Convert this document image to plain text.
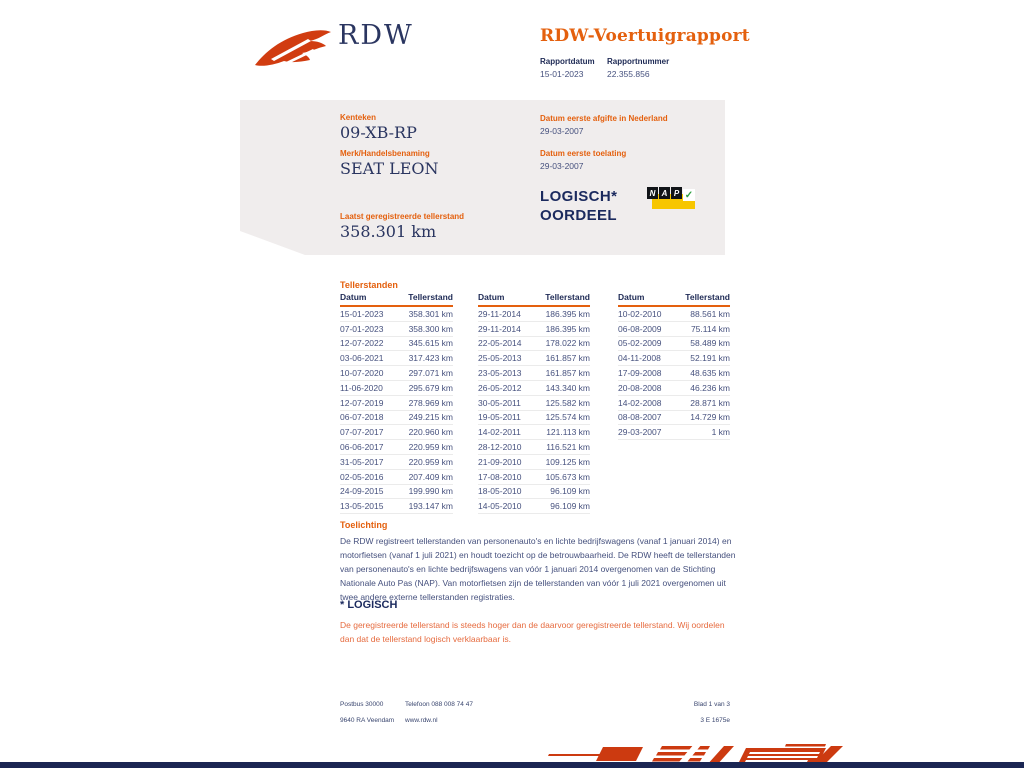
RDW	RDW-Voertuigrapport
Rapportdatum Rapportnummer
15-01-2023	22.355.856
Kenteken
09-XB-RP
Merk/Handelsbenaming
SEAT LEON
Laatst geregistreerde tellerstand
358.301 km
Datum eerste afgifte in Nederland
29-03-2007
Datum eerste toelating
29-03-2007
LOGISCH*
OORDEEL
N A P ✓
Tellerstanden
Datum	Tellerstand
15-01-2023	358.301 km
07-01-2023	358.300 km
12-07-2022	345.615 km
03-06-2021	317.423 km
10-07-2020	297.071 km
11-06-2020	295.679 km
12-07-2019	278.969 km
06-07-2018	249.215 km
07-07-2017	220.960 km
06-06-2017	220.959 km
31-05-2017	220.959 km
02-05-2016	207.409 km
24-09-2015	199.990 km
13-05-2015	193.147 km
Datum	Tellerstand
29-11-2014	186.395 km
29-11-2014	186.395 km
22-05-2014	178.022 km
25-05-2013	161.857 km
23-05-2013	161.857 km
26-05-2012	143.340 km
30-05-2011	125.582 km
19-05-2011	125.574 km
14-02-2011	121.113 km
28-12-2010	116.521 km
21-09-2010	109.125 km
17-08-2010	105.673 km
18-05-2010	96.109 km
14-05-2010	96.109 km
Datum	Tellerstand
10-02-2010	88.561 km
06-08-2009	75.114 km
05-02-2009	58.489 km
04-11-2008	52.191 km
17-09-2008	48.635 km
20-08-2008	46.236 km
14-02-2008	28.871 km
08-08-2007	14.729 km
29-03-2007	1 km
Toelichting
De RDW registreert tellerstanden van personenauto's en lichte bedrijfswagens (vanaf 1 januari 2014) en motorfietsen (vanaf 1 juli 2021) en houdt toezicht op de betrouwbaarheid. De RDW heeft de tellerstanden van personenauto's en lichte bedrijfswagens van vóór 1 januari 2014 overgenomen van de Stichting Nationale Auto Pas (NAP). Van motorfietsen zijn de tellerstanden van vóór 1 juli 2021 overgenomen uit twee andere externe tellerstanden registraties.
* LOGISCH
De geregistreerde tellerstand is steeds hoger dan de daarvoor geregistreerde tellerstand. Wij oordelen dan dat de tellerstand logisch verklaarbaar is.
Postbus 30000
9640 RA Veendam
Telefoon 088 008 74 47
www.rdw.nl
Blad 1 van 3
3 E 1675e
